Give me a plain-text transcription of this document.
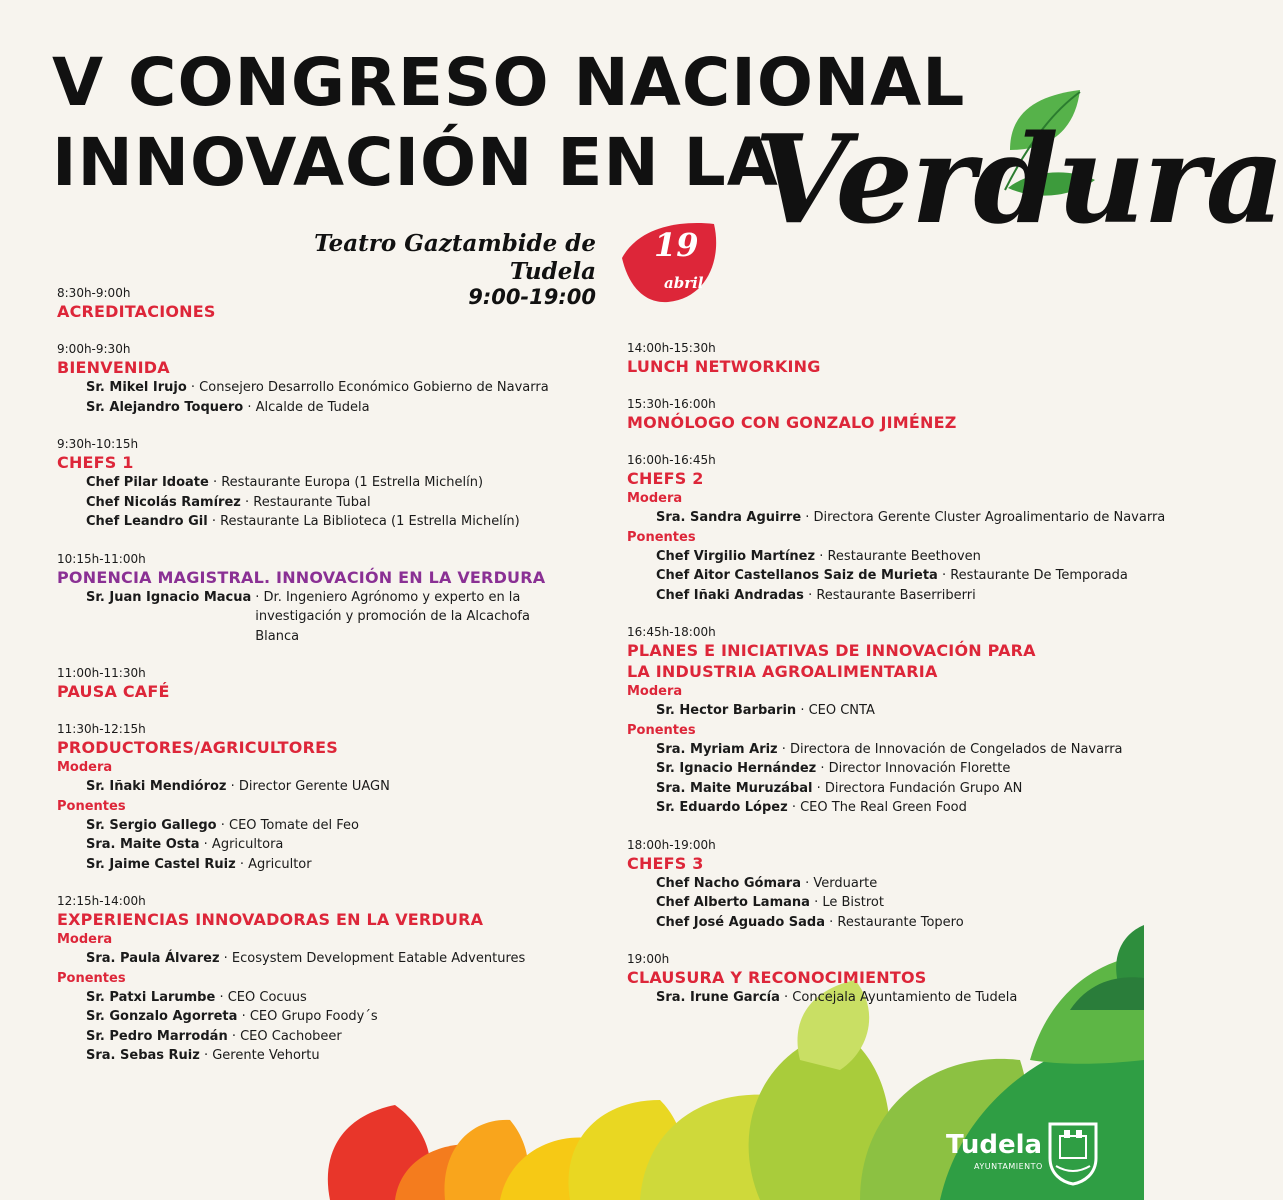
V CONGRESO NACIONAL
INNOVACIÓN EN LA
Verdura
Teatro Gaztambide de Tudela
9:00-19:00
19
abril
8:30h-9:00h
ACREDITACIONES
9:00h-9:30h
BIENVENIDA
Sr. Mikel Irujo · Consejero Desarrollo Económico Gobierno de Navarra
Sr. Alejandro Toquero · Alcalde de Tudela
9:30h-10:15h
CHEFS 1
Chef Pilar Idoate · Restaurante Europa (1 Estrella Michelín)
Chef Nicolás Ramírez · Restaurante Tubal
Chef Leandro Gil · Restaurante La Biblioteca (1 Estrella Michelín)
10:15h-11:00h
PONENCIA MAGISTRAL. INNOVACIÓN EN LA VERDURA
Sr. Juan Ignacio Macua · Dr. Ingeniero Agrónomo y experto en la investigación y promoción de la Alcachofa Blanca
11:00h-11:30h
PAUSA CAFÉ
11:30h-12:15h
PRODUCTORES/AGRICULTORES
Modera
Sr. Iñaki Mendióroz · Director Gerente UAGN
Ponentes
Sr. Sergio Gallego · CEO Tomate del Feo
Sra. Maite Osta · Agricultora
Sr. Jaime Castel Ruiz · Agricultor
12:15h-14:00h
EXPERIENCIAS INNOVADORAS EN LA VERDURA
Modera
Sra. Paula Álvarez · Ecosystem Development Eatable Adventures
Ponentes
Sr. Patxi Larumbe · CEO Cocuus
Sr. Gonzalo Agorreta · CEO Grupo Foody´s
Sr. Pedro Marrodán · CEO Cachobeer
Sra. Sebas Ruiz · Gerente Vehortu
14:00h-15:30h
LUNCH NETWORKING
15:30h-16:00h
MONÓLOGO CON GONZALO JIMÉNEZ
16:00h-16:45h
CHEFS 2
Modera
Sra. Sandra Aguirre · Directora Gerente Cluster Agroalimentario de Navarra
Ponentes
Chef Virgilio Martínez · Restaurante Beethoven
Chef Aitor Castellanos Saiz de Murieta · Restaurante De Temporada
Chef Iñaki Andradas · Restaurante Baserriberri
16:45h-18:00h
PLANES E INICIATIVAS DE INNOVACIÓN PARA
LA INDUSTRIA AGROALIMENTARIA
Modera
Sr. Hector Barbarin · CEO CNTA
Ponentes
Sra. Myriam Ariz · Directora de Innovación de Congelados de Navarra
Sr. Ignacio Hernández · Director Innovación Florette
Sra. Maite Muruzábal · Directora Fundación Grupo AN
Sr. Eduardo López · CEO The Real Green Food
18:00h-19:00h
CHEFS 3
Chef Nacho Gómara · Verduarte
Chef Alberto Lamana · Le Bistrot
Chef José Aguado Sada · Restaurante Topero
19:00h
CLAUSURA Y RECONOCIMIENTOS
Sra. Irune García · Concejala Ayuntamiento de Tudela
Tudela
AYUNTAMIENTO
